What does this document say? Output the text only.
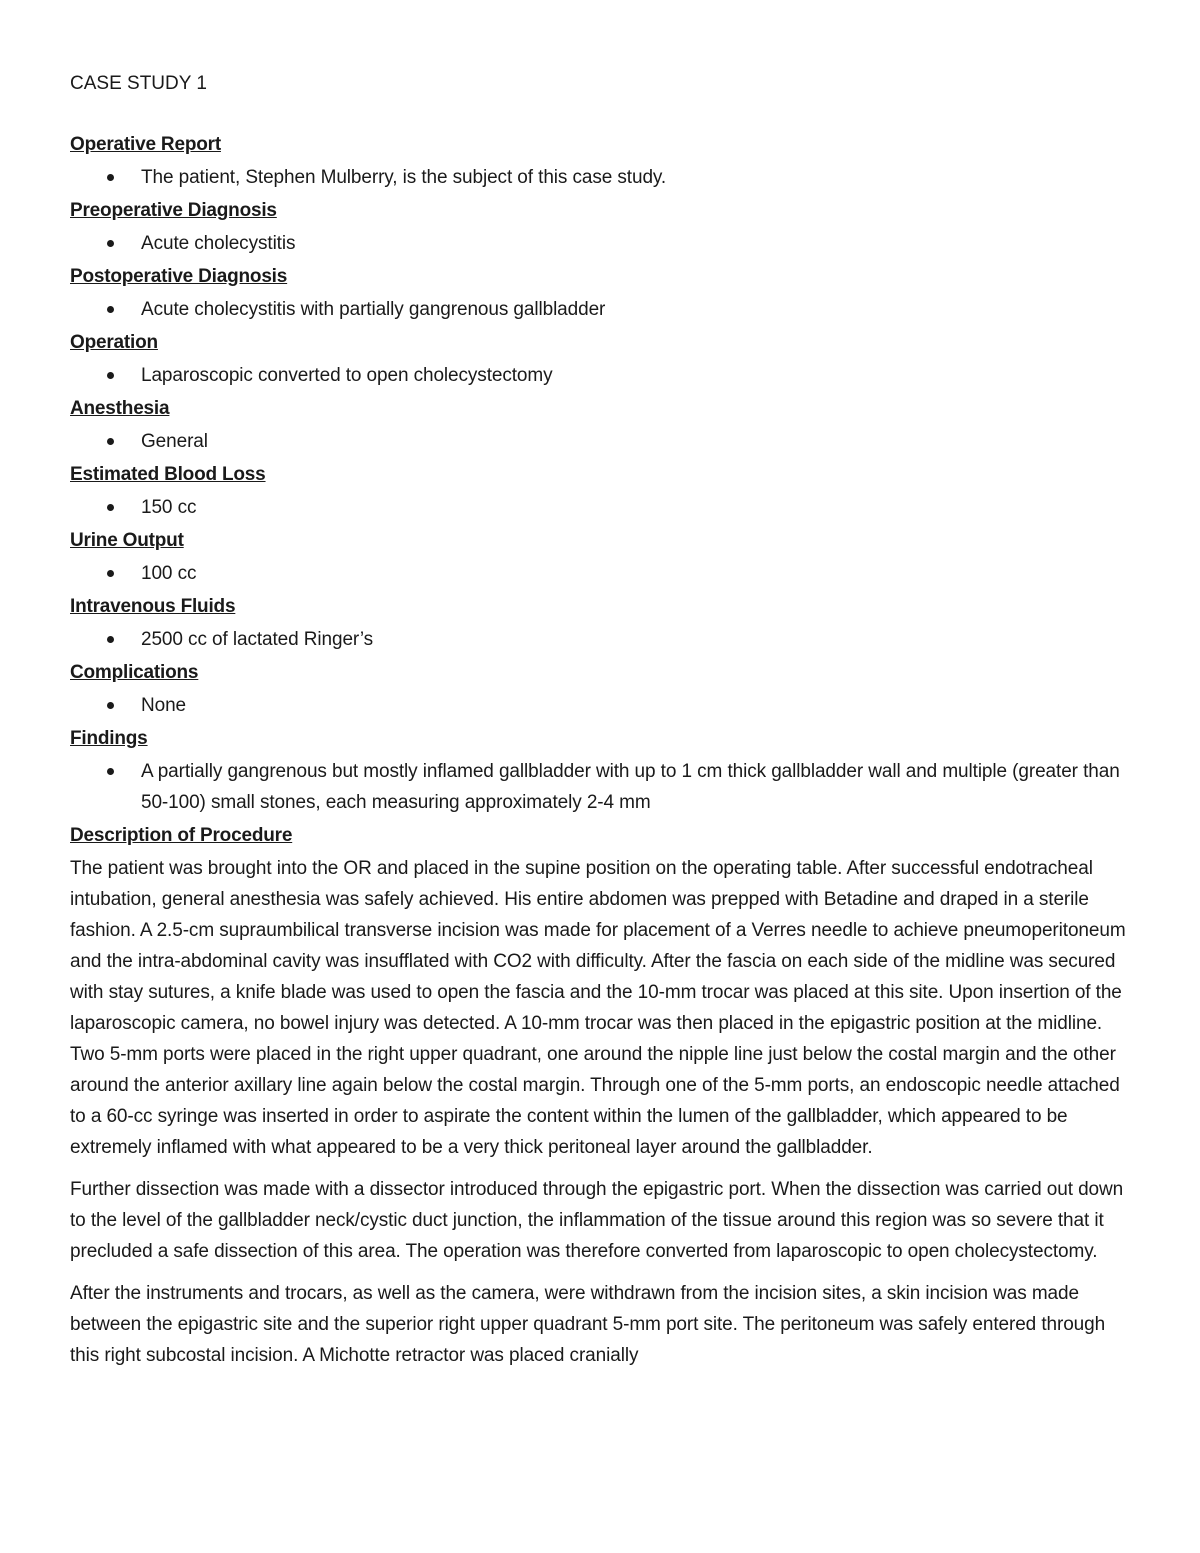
CASE STUDY 1
Operative Report
The patient, Stephen Mulberry, is the subject of this case study.
Preoperative Diagnosis
Acute cholecystitis
Postoperative Diagnosis
Acute cholecystitis with partially gangrenous gallbladder
Operation
Laparoscopic converted to open cholecystectomy
Anesthesia
General
Estimated Blood Loss
150 cc
Urine Output
100 cc
Intravenous Fluids
2500 cc of lactated Ringer’s
Complications
None
Findings
A partially gangrenous but mostly inflamed gallbladder with up to 1 cm thick gallbladder wall and multiple (greater than 50-100) small stones, each measuring approximately 2-4 mm
Description of Procedure

The patient was brought into the OR and placed in the supine position on the operating table. After successful endotracheal intubation, general anesthesia was safely achieved. His entire abdomen was prepped with Betadine and draped in a sterile fashion. A 2.5-cm supraumbilical transverse incision was made for placement of a Verres needle to achieve pneumoperitoneum and the intra-abdominal cavity was insufflated with CO2 with difficulty. After the fascia on each side of the midline was secured with stay sutures, a knife blade was used to open the fascia and the 10-mm trocar was placed at this site. Upon insertion of the laparoscopic camera, no bowel injury was detected. A 10-mm trocar was then placed in the epigastric position at the midline. Two 5-mm ports were placed in the right upper quadrant, one around the nipple line just below the costal margin and the other around the anterior axillary line again below the costal margin. Through one of the 5-mm ports, an endoscopic needle attached to a 60-cc syringe was inserted in order to aspirate the content within the lumen of the gallbladder, which appeared to be extremely inflamed with what appeared to be a very thick peritoneal layer around the gallbladder.

Further dissection was made with a dissector introduced through the epigastric port. When the dissection was carried out down to the level of the gallbladder neck/cystic duct junction, the inflammation of the tissue around this region was so severe that it precluded a safe dissection of this area. The operation was therefore converted from laparoscopic to open cholecystectomy.

After the instruments and trocars, as well as the camera, were withdrawn from the incision sites, a skin incision was made between the epigastric site and the superior right upper quadrant 5-mm port site. The peritoneum was safely entered through this right subcostal incision. A Michotte retractor was placed cranially
